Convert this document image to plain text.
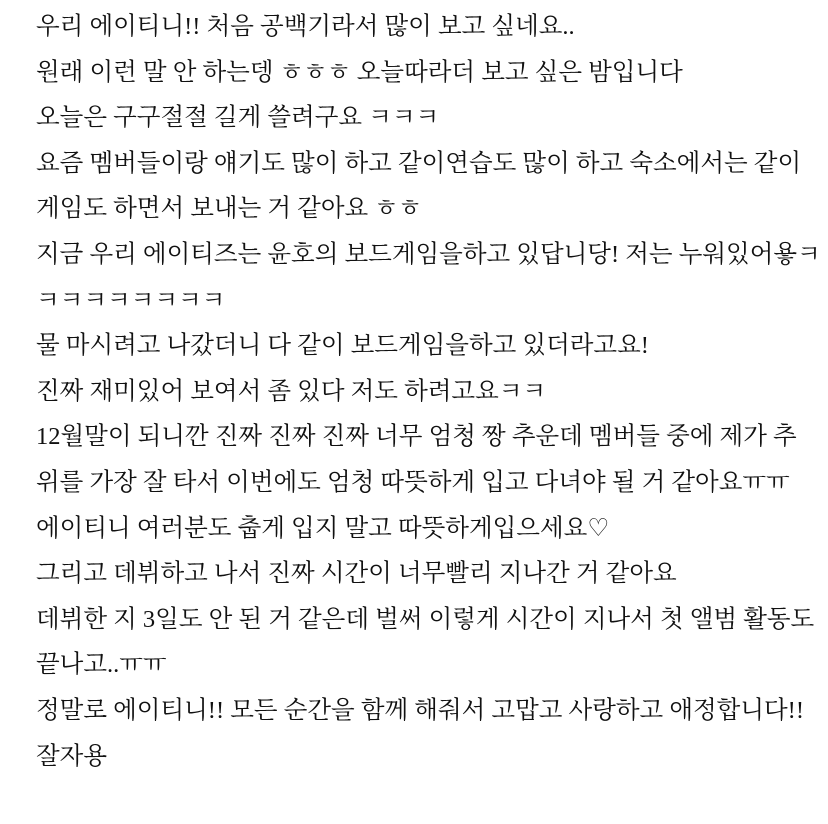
우리 에이티니!! 처음 공백기라서 많이 보고 싶네요..
원래 이런 말 안 하는뎅 ㅎㅎㅎ 오늘따라더 보고 싶은 밤입니다
오늘은 구구절절 길게 쓸려구요 ㅋㅋㅋ
요즘 멤버들이랑 얘기도 많이 하고 같이연습도 많이 하고 숙소에서는 같이
게임도 하면서 보내는 거 같아요 ㅎㅎ
지금 우리 에이티즈는 윤호의 보드게임을하고 있답니당! 저는 누워있어욯ㅋ
ㅋㅋㅋㅋㅋㅋㅋㅋ
물 마시려고 나갔더니 다 같이 보드게임을하고 있더라고요!
진짜 재미있어 보여서 좀 있다 저도 하려고요ㅋㅋ
12월말이 되니깐 진짜 진짜 진짜 너무 엄청 짱 추운데 멤버들 중에 제가 추
위를 가장 잘 타서 이번에도 엄청 따뜻하게 입고 다녀야 될 거 같아요ㅠㅠ
에이티니 여러분도 춥게 입지 말고 따뜻하게입으세요♡
그리고 데뷔하고 나서 진짜 시간이 너무빨리 지나간 거 같아요
데뷔한 지 3일도 안 된 거 같은데 벌써 이렇게 시간이 지나서 첫 앨범 활동도
끝나고..ㅠㅠ
정말로 에이티니!! 모든 순간을 함께 해줘서 고맙고 사랑하고 애정합니다!!
잘자용
